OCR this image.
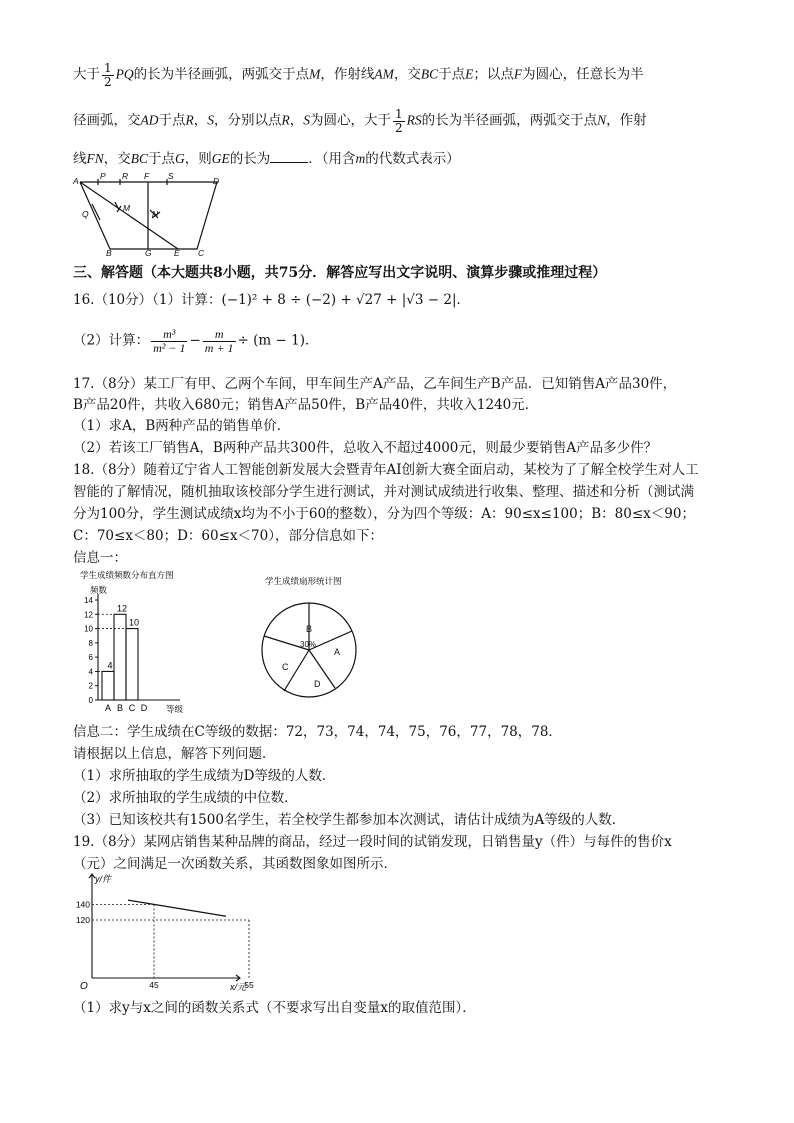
大于 $\frac{1}{2}$ PQ的长为半径画弧，两弧交于点M，作射线AM，交BC于点E；以点F为圆心，任意长为半
径画弧，交AD于点R，S，分别以点R，S为圆心，大于 $\frac{1}{2}$ RS的长为半径画弧，两弧交于点N，作射
线FN，交BC于点G，则GE的长为	．（用含m的代数式表示）
A	P R F S	D
Q
M
N
B	G	E C
三、解答题（本大题共8小题，共75分．解答应写出文字说明、演算步骤或推理过程）
16.（10分）（1）计算：(−1)² + 8 ÷ (−2) + √27 + |√3 − 2|．
（2）计算： $\frac{\text{m³}}{\text{m² − 1}} - \frac{m}{m + 1} \div (m - 1)$．
17.（8分）某工厂有甲、乙两个车间，甲车间生产A产品，乙车间生产B产品．已知销售A产品30件，
B产品20件，共收入680元；销售A产品50件，B产品40件，共收入1240元．
（1）求A，B两种产品的销售单价．
（2）若该工厂销售A，B两种产品共300件，总收入不超过4000元，则最少要销售A产品多少件？
18.（8分）随着辽宁省人工智能创新发展大会暨青年AI创新大赛全面启动，某校为了了解全校学生对人工
智能的了解情况，随机抽取该校部分学生进行测试，并对测试成绩进行收集、整理、描述和分析（测试满
分为100分，学生测试成绩x均为不小于60的整数），分为四个等级：A：90≤x≤100；B：80≤x＜90；
C：70≤x＜80；D：60≤x＜70），部分信息如下：
信息一：
学生成绩频数分布直方图
频数
等级
0
2
4
6
8
10
12
14
4
A
12
B
10
C D
学生成绩扇形统计图
B
30%
A
D
C
信息二：学生成绩在C等级的数据：72，73，74，74，75，76，77，78，78．
请根据以上信息，解答下列问题．
（1）求所抽取的学生成绩为D等级的人数．
（2）求所抽取的学生成绩的中位数．
（3）已知该校共有1500名学生，若全校学生都参加本次测试，请估计成绩为A等级的人数．
19.（8分）某网店销售某种品牌的商品，经过一段时间的试销发现，日销售量y（件）与每件的售价x
（元）之间满足一次函数关系，其函数图象如图所示．
45	55
120
140
y/件
x/元
O
（1）求y与x之间的函数关系式（不要求写出自变量x的取值范围）．
